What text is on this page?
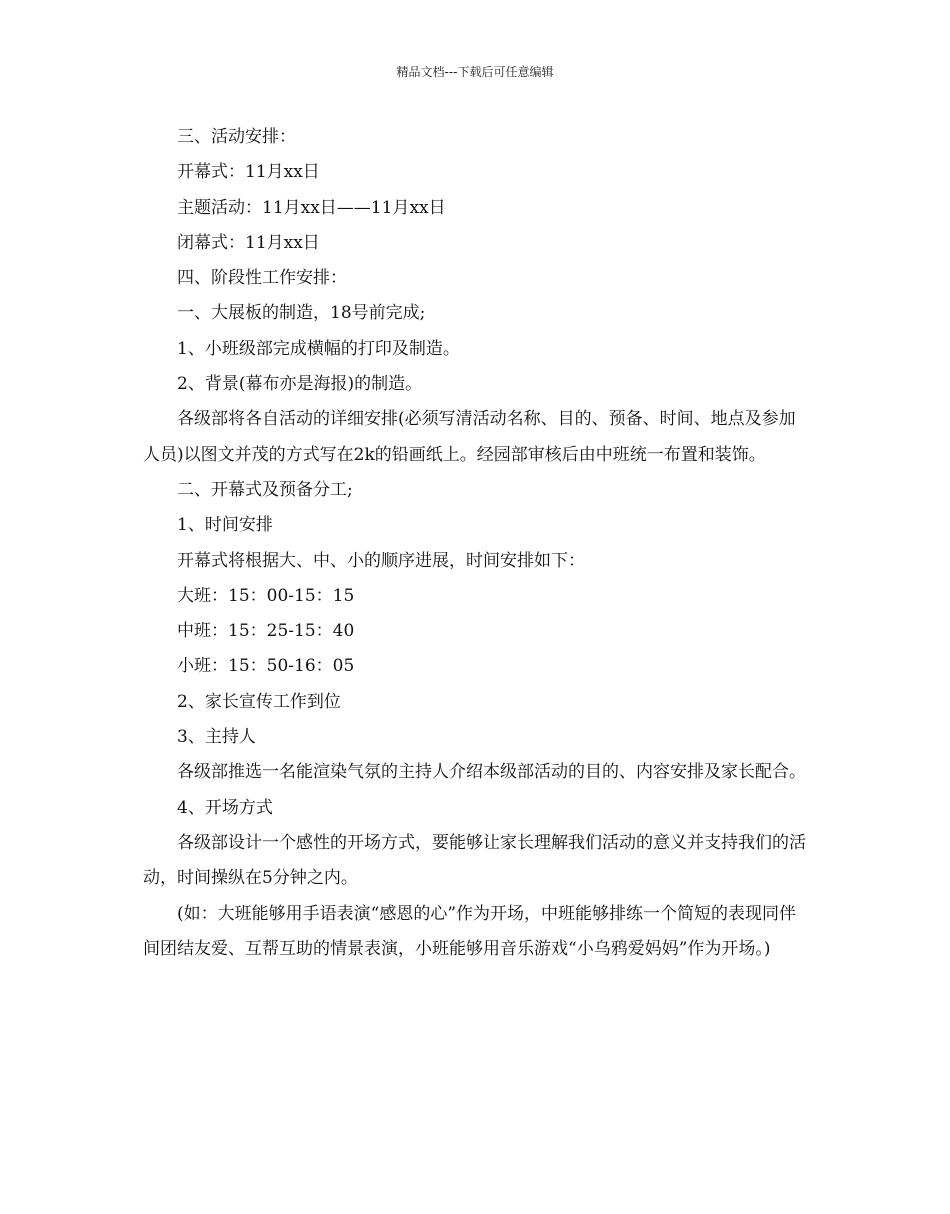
精品文档---下载后可任意编辑

三、活动安排：

开幕式：11月xx日

主题活动：11月xx日——11月xx日

闭幕式：11月xx日

四、阶段性工作安排：

一、大展板的制造，18号前完成;

1、小班级部完成横幅的打印及制造。

2、背景(幕布亦是海报)的制造。

各级部将各自活动的详细安排(必须写清活动名称、目的、预备、时间、地点及参加人员)以图文并茂的方式写在2k的铅画纸上。经园部审核后由中班统一布置和装饰。

二、开幕式及预备分工;

1、时间安排

开幕式将根据大、中、小的顺序进展，时间安排如下：

大班：15：00-15：15

中班：15：25-15：40

小班：15：50-16：05

2、家长宣传工作到位

3、主持人

各级部推选一名能渲染气氛的主持人介绍本级部活动的目的、内容安排及家长配合。

4、开场方式

各级部设计一个感性的开场方式，要能够让家长理解我们活动的意义并支持我们的活动，时间操纵在5分钟之内。

(如：大班能够用手语表演“感恩的心”作为开场，中班能够排练一个简短的表现同伴间团结友爱、互帮互助的情景表演，小班能够用音乐游戏“小乌鸦爱妈妈”作为开场。)
